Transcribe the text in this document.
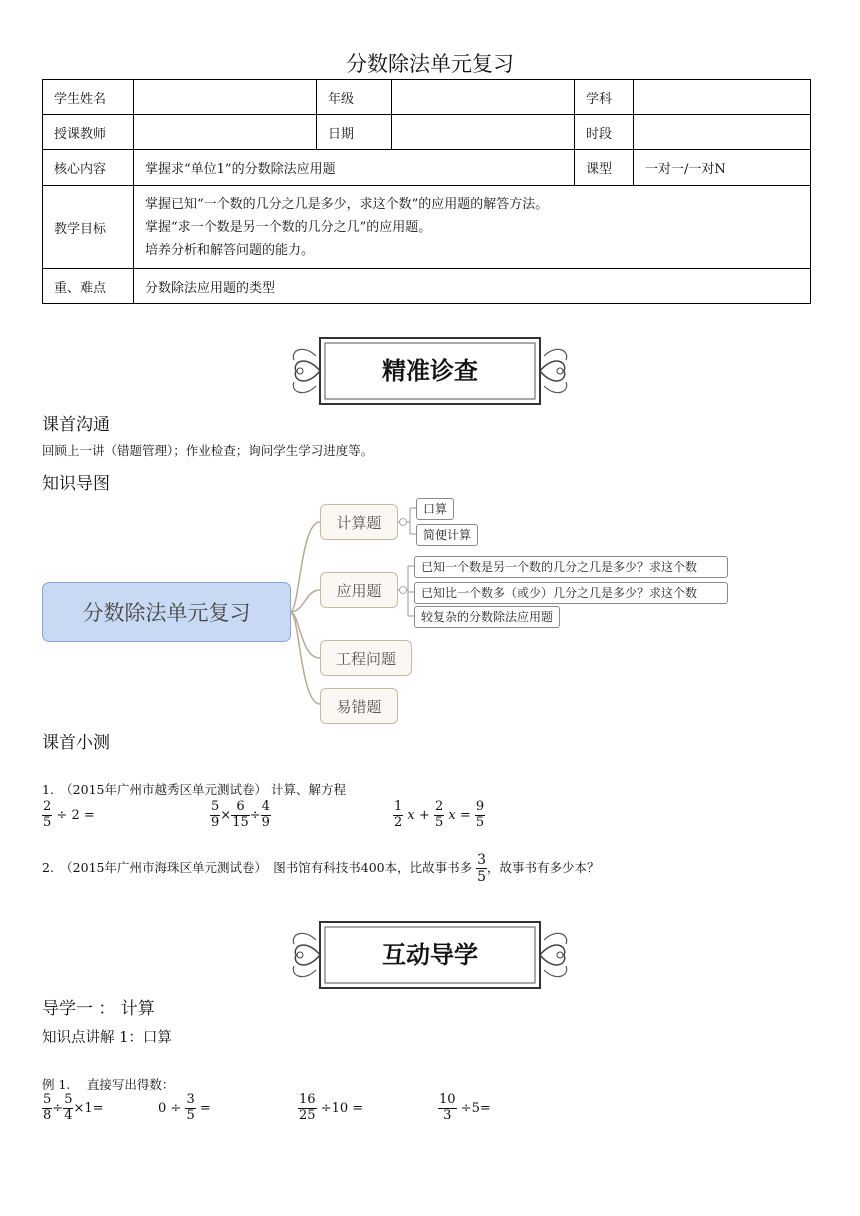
分数除法单元复习
学生姓名		年级		学科	
授课教师		日期		时段	
核心内容	掌握求“单位1”的分数除法应用题			课型	一对一/一对N
教学目标	掌握已知“一个数的几分之几是多少，求这个数”的应用题的解答方法。
掌握“求一个数是另一个数的几分之几”的应用题。
培养分析和解答问题的能力。				

重、难点	分数除法应用题的类型				
精准诊查
课首沟通
回顾上一讲（错题管理）；作业检查；询问学生学习进度等。
知识导图
分数除法单元复习
计算题
应用题
工程问题
易错题
口算
简便计算
已知一个数是另一个数的几分之几是多少？求这个数
已知比一个数多（或少）几分之几是多少？求这个数
较复杂的分数除法应用题
课首小测
1.　（2015年广州市越秀区单元测试卷） 计算、解方程
$\frac{2}{5} \div 2$ =	$\frac{5}{9} \times \frac{6}{15} \div \frac{4}{9}$	$\frac{1}{2}$ $x + \frac{2}{5}$ $x = \frac{9}{5}$
2.　（2015年广州市海珠区单元测试卷）　图书馆有科技书400本，比故事书多 $\frac{3}{5}$ ，故事书有多少本？
互动导学
导学一 ： 计算
知识点讲解 1：口算
例 1.　 直接写出得数：
$\frac{5}{8} \div \frac{5}{4} \times 1=$	$0 \div \frac{3}{5}$ =	$\frac{16}{25} \div 10$ =	$\frac{10}{3} \div 5=$
